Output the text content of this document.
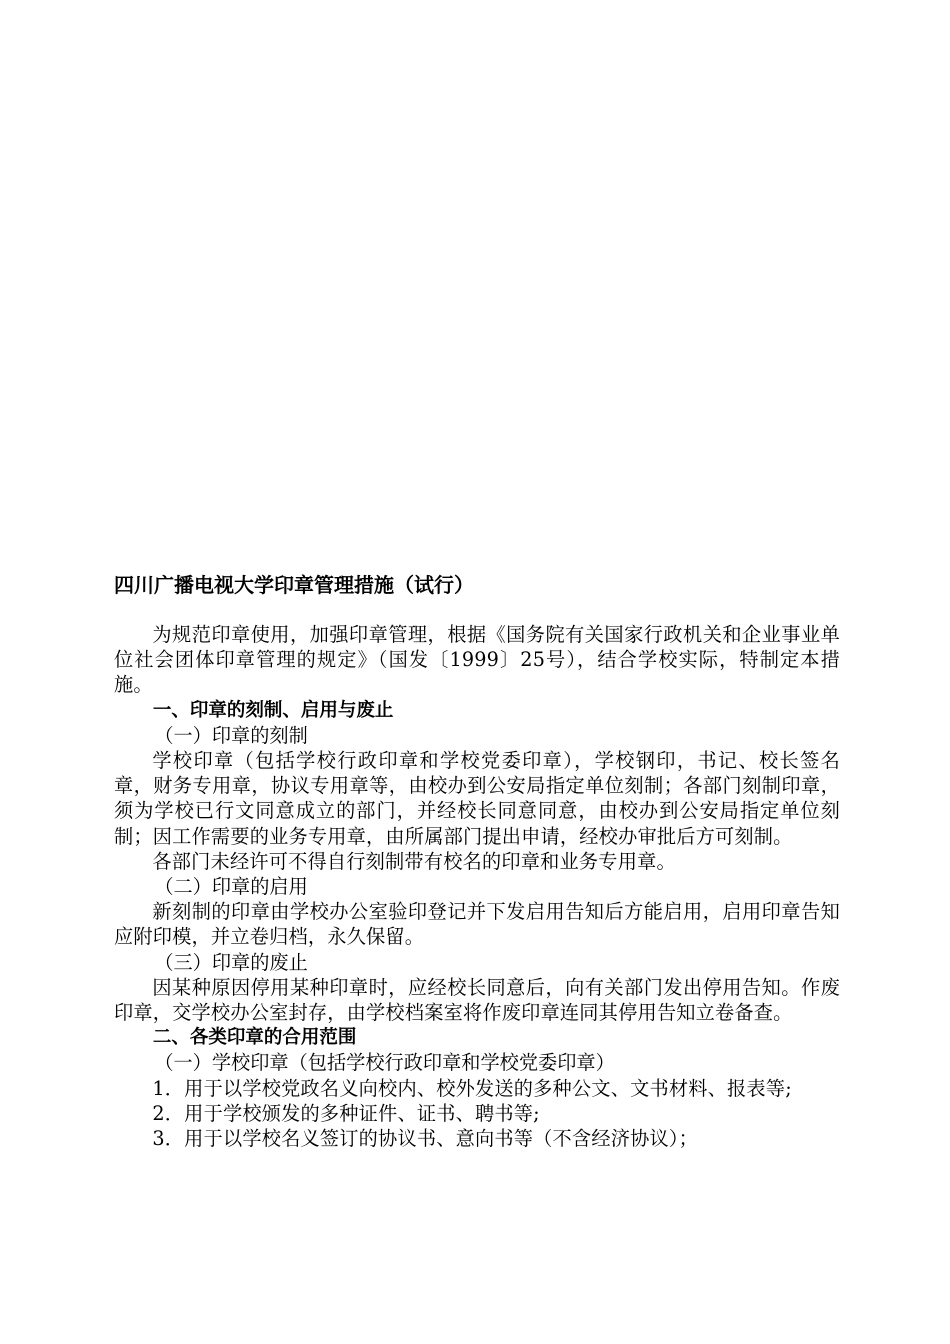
四川广播电视大学印章管理措施（试行）

为规范印章使用，加强印章管理，根据《国务院有关国家行政机关和企业事业单位社会团体印章管理的规定》（国发〔1999〕25号），结合学校实际，特制定本措施。

一、印章的刻制、启用与废止

（一）印章的刻制

学校印章（包括学校行政印章和学校党委印章），学校钢印，书记、校长签名章，财务专用章，协议专用章等，由校办到公安局指定单位刻制；各部门刻制印章，须为学校已行文同意成立的部门，并经校长同意同意，由校办到公安局指定单位刻制；因工作需要的业务专用章，由所属部门提出申请，经校办审批后方可刻制。

各部门未经许可不得自行刻制带有校名的印章和业务专用章。

（二）印章的启用

新刻制的印章由学校办公室验印登记并下发启用告知后方能启用，启用印章告知应附印模，并立卷归档，永久保留。

（三）印章的废止

因某种原因停用某种印章时，应经校长同意后，向有关部门发出停用告知。作废印章，交学校办公室封存，由学校档案室将作废印章连同其停用告知立卷备查。

二、各类印章的合用范围

（一）学校印章（包括学校行政印章和学校党委印章）

1．用于以学校党政名义向校内、校外发送的多种公文、文书材料、报表等;

2．用于学校颁发的多种证件、证书、聘书等;

3．用于以学校名义签订的协议书、意向书等（不含经济协议）；
